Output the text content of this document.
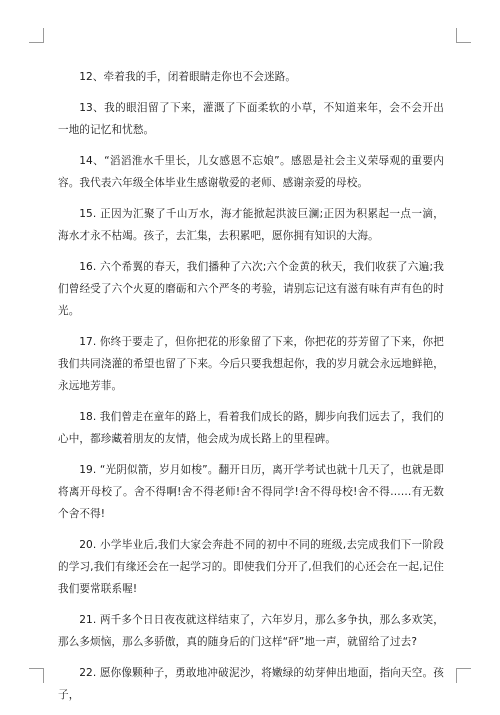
12、牵着我的手，闭着眼睛走你也不会迷路。

13、我的眼泪留了下来，灌溉了下面柔软的小草，不知道来年，会不会开出一地的记忆和忧愁。

14、“滔滔淮水千里长，儿女感恩不忘娘”。感恩是社会主义荣辱观的重要内容。我代表六年级全体毕业生感谢敬爱的老师、感谢亲爱的母校。

15. 正因为汇聚了千山万水，海才能掀起洪波巨澜;正因为积累起一点一滴，海水才永不枯竭。孩子，去汇集，去积累吧，愿你拥有知识的大海。

16. 六个希翼的春天，我们播种了六次;六个金黄的秋天，我们收获了六遍;我们曾经受了六个火夏的磨砺和六个严冬的考验，请别忘记这有滋有味有声有色的时光。

17. 你终于要走了，但你把花的形象留了下来，你把花的芬芳留了下来，你把我们共同浇灌的希望也留了下来。今后只要我想起你，我的岁月就会永远地鲜艳，永远地芳菲。

18. 我们曾走在童年的路上，看着我们成长的路，脚步向我们远去了，我们的心中，都珍藏着朋友的友情，他会成为成长路上的里程碑。

19. “光阴似箭，岁月如梭”。翻开日历，离开学考试也就十几天了，也就是即将离开母校了。舍不得啊!舍不得老师!舍不得同学!舍不得母校!舍不得……有无数个舍不得!

20. 小学毕业后,我们大家会奔赴不同的初中不同的班级,去完成我们下一阶段的学习,我们有缘还会在一起学习的。即使我们分开了,但我们的心还会在一起,记住我们要常联系喔!

21. 两千多个日日夜夜就这样结束了，六年岁月，那么多争执，那么多欢笑，那么多烦恼，那么多骄傲，真的随身后的门这样“砰”地一声，就留给了过去?

22. 愿你像颗种子，勇敢地冲破泥沙，将嫩绿的幼芽伸出地面，指向天空。孩子，
